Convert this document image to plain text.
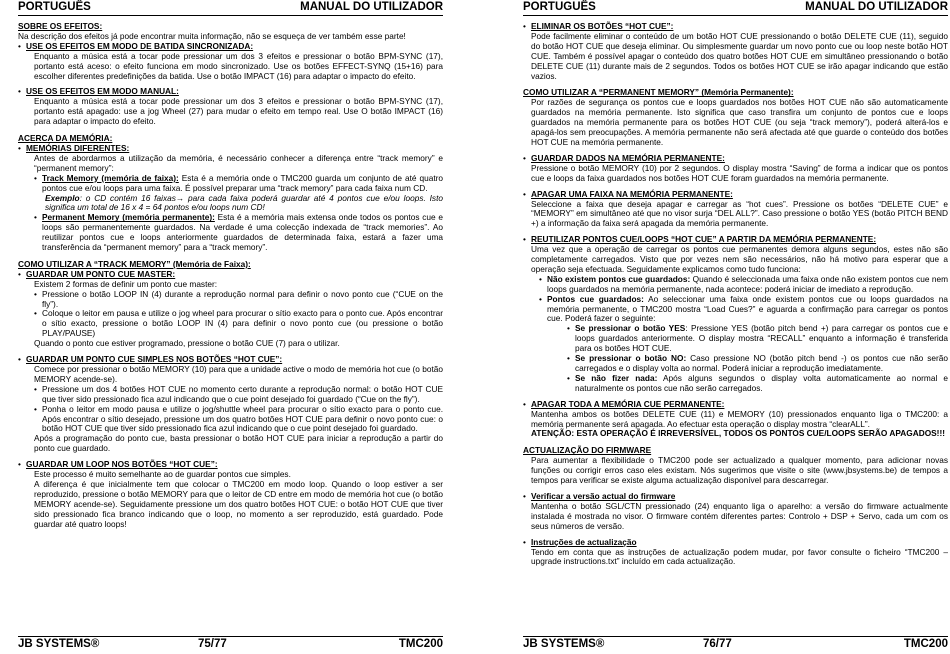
PORTUGUÊS	MANUAL DO UTILIZADOR
SOBRE OS EFEITOS:

Na descrição dos efeitos já pode encontrar muita informação, não se esqueça de ver também esse parte!

• USE OS EFEITOS EM MODO DE BATIDA SINCRONIZADA:

Enquanto a música está a tocar pode pressionar um dos 3 efeitos e pressionar o botão BPM-SYNC (17), portanto está aceso: o efeito funciona em modo sincronizado. Use os botões EFFECT-SYNQ (15+16) para escolher diferentes predefinições da batida. Use o botão IMPACT (16) para adaptar o impacto do efeito.

• USE OS EFEITOS EM MODO MANUAL:

Enquanto a música está a tocar pode pressionar um dos 3 efeitos e pressionar o botão BPM-SYNC (17), portanto está apagado: use a jog Wheel (27) para mudar o efeito em tempo real. Use O botão IMPACT (16) para adaptar o impacto do efeito.

ACERCA DA MEMÓRIA:
• MEMÓRIAS DIFERENTES:

Antes de abordarmos a utilização da memória, é necessário conhecer a diferença entre “track memory” e “permanent memory”:

• Track Memory (memória de faixa): Esta é a memória onde o TMC200 guarda um conjunto de até quatro pontos cue e/ou loops para uma faixa. É possível preparar uma “track memory” para cada faixa num CD.

Exemplo: o CD contém 16 faixas→ para cada faixa poderá guardar até 4 pontos cue e/ou loops. Isto significa um total de 16 x 4 = 64 pontos e/ou loops num CD!

• Permanent Memory (memória permanente): Esta é a memória mais extensa onde todos os pontos cue e loops são permanentemente guardados. Na verdade é uma colecção indexada de “track memories”. Ao reutilizar pontos cue e loops anteriormente guardados de determinada faixa, estará a fazer uma transferência da “permanent memory” para a “track memory”.

COMO UTILIZAR A “TRACK MEMORY” (Memória de Faixa):
• GUARDAR UM PONTO CUE MASTER:

Existem 2 formas de definir um ponto cue master:

• Pressione o botão LOOP IN (4) durante a reprodução normal para definir o novo ponto cue (“CUE on the fly”).

• Coloque o leitor em pausa e utilize o jog wheel para procurar o sítio exacto para o ponto cue. Após encontrar o sítio exacto, pressione o botão LOOP IN (4) para definir o novo ponto cue (ou pressione o botão PLAY/PAUSE)

Quando o ponto cue estiver programado, pressione o botão CUE (7) para o utilizar.

• GUARDAR UM PONTO CUE SIMPLES NOS BOTÕES “HOT CUE”:

Comece por pressionar o botão MEMORY (10) para que a unidade active o modo de memória hot cue (o botão MEMORY acende-se).

• Pressione um dos 4 botões HOT CUE no momento certo durante a reprodução normal: o botão HOT CUE que tiver sido pressionado fica azul indicando que o cue point desejado foi guardado (“Cue on the fly”).

• Ponha o leitor em modo pausa e utilize o jog/shuttle wheel para procurar o sítio exacto para o ponto cue. Após encontrar o sítio desejado, pressione um dos quatro botões HOT CUE para definir o novo ponto cue: o botão HOT CUE que tiver sido pressionado fica azul indicando que o cue point desejado foi guardado.

Após a programação do ponto cue, basta pressionar o botão HOT CUE para iniciar a reprodução a partir do ponto cue guardado.

• GUARDAR UM LOOP NOS BOTÕES “HOT CUE”:

Este processo é muito semelhante ao de guardar pontos cue simples.

A diferença é que inicialmente tem que colocar o TMC200 em modo loop. Quando o loop estiver a ser reproduzido, pressione o botão MEMORY para que o leitor de CD entre em modo de memória hot cue (o botão MEMORY acende-se). Seguidamente pressione um dos quatro botões HOT CUE: o botão HOT CUE que tiver sido pressionado fica branco indicando que o loop, no momento a ser reproduzido, está guardado. Pode guardar até quatro loops!

JB SYSTEMS®	75/77	TMC200
PORTUGUÊS	MANUAL DO UTILIZADOR
• ELIMINAR OS BOTÕES “HOT CUE”:

Pode facilmente eliminar o conteúdo de um botão HOT CUE pressionando o botão DELETE CUE (11), seguido do botão HOT CUE que deseja eliminar. Ou simplesmente guardar um novo ponto cue ou loop neste botão HOT CUE. Também é possível apagar o conteúdo dos quatro botões HOT CUE em simultâneo pressionando o botão DELETE CUE (11) durante mais de 2 segundos. Todos os botões HOT CUE se irão apagar indicando que estão vazios.

COMO UTILIZAR A “PERMANENT MEMORY” (Memória Permanente):

Por razões de segurança os pontos cue e loops guardados nos botões HOT CUE não são automaticamente guardados na memória permanente. Isto significa que caso transfira um conjunto de pontos cue e loops guardados na memória permanente para os botões HOT CUE (ou seja “track memory”), poderá alterá-los e apagá-los sem preocupações. A memória permanente não será afectada até que guarde o conteúdo dos botões HOT CUE na memória permanente.

• GUARDAR DADOS NA MEMÓRIA PERMANENTE:

Pressione o botão MEMORY (10) por 2 segundos. O display mostra “Saving” de forma a indicar que os pontos cue e loops da faixa guardados nos botões HOT CUE foram guardados na memória permanente.

• APAGAR UMA FAIXA NA MEMÓRIA PERMANENTE:

Seleccione a faixa que deseja apagar e carregar as “hot cues”. Pressione os botões “DELETE CUE” e “MEMORY” em simultâneo até que no visor surja “DEL ALL?”. Caso pressione o botão YES (botão PITCH BEND +) a informação da faixa será apagada da memória permanente.

• REUTILIZAR PONTOS CUE/LOOPS “HOT CUE” A PARTIR DA MEMÓRIA PERMANENTE:

Uma vez que a operação de carregar os pontos cue permanentes demora alguns segundos, estes não são completamente carregados. Visto que por vezes nem são necessários, não há motivo para esperar que a operação seja efectuada. Seguidamente explicamos como tudo funciona:

• Não existem pontos cue guardados: Quando é seleccionada uma faixa onde não existem pontos cue nem loops guardados na memória permanente, nada acontece: poderá iniciar de imediato a reprodução.

• Pontos cue guardados: Ao seleccionar uma faixa onde existem pontos cue ou loops guardados na memória permanente, o TMC200 mostra “Load Cues?” e aguarda a confirmação para carregar os pontos cue. Poderá fazer o seguinte:

• Se pressionar o botão YES: Pressione YES (botão pitch bend +) para carregar os pontos cue e loops guardados anteriormente. O display mostra “RECALL” enquanto a informação é transferida para os botões HOT CUE.

• Se pressionar o botão NO: Caso pressione NO (botão pitch bend -) os pontos cue não serão carregados e o display volta ao normal. Poderá iniciar a reprodução imediatamente.

• Se não fizer nada: Após alguns segundos o display volta automaticamente ao normal e naturalmente os pontos cue não serão carregados.

• APAGAR TODA A MEMÓRIA CUE PERMANENTE:

Mantenha ambos os botões DELETE CUE (11) e MEMORY (10) pressionados enquanto liga o TMC200: a memória permanente será apagada. Ao efectuar esta operação o display mostra “clearALL”.

ATENÇÃO: ESTA OPERAÇÃO É IRREVERSÍVEL, TODOS OS PONTOS CUE/LOOPS SERÃO APAGADOS!!!

ACTUALIZAÇÃO DO FIRMWARE

Para aumentar a flexibilidade o TMC200 pode ser actualizado a qualquer momento, para adicionar novas funções ou corrigir erros caso eles existam. Nós sugerimos que visite o site (www.jbsystems.be) de tempos a tempos para verificar se existe alguma actualização disponível para descarregar.

• Verificar a versão actual do firmware

Mantenha o botão SGL/CTN pressionado (24) enquanto liga o aparelho: a versão do firmware actualmente instalada é mostrada no visor. O firmware contém diferentes partes: Controlo + DSP + Servo, cada um com os seus números de versão.

• Instruções de actualização

Tendo em conta que as instruções de actualização podem mudar, por favor consulte o ficheiro “TMC200 – upgrade instructions.txt” incluído em cada actualização.

JB SYSTEMS®	76/77	TMC200
